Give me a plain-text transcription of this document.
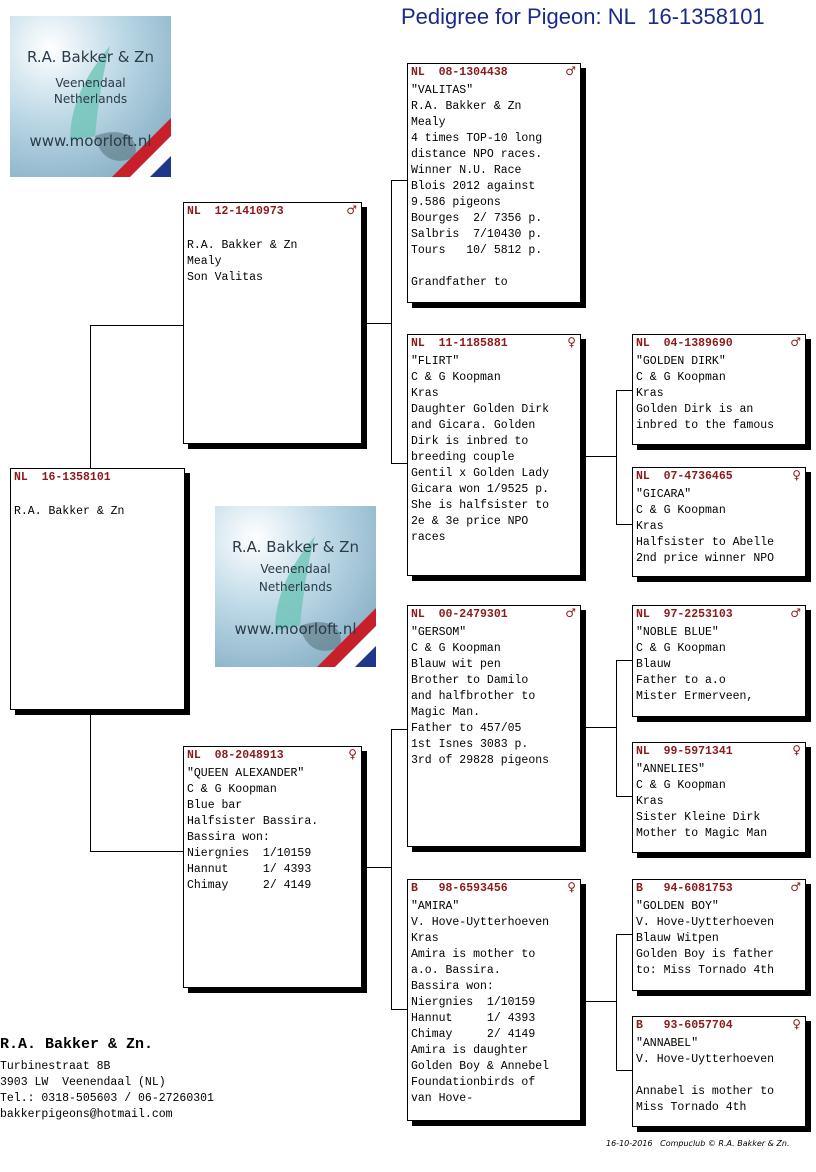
Pedigree for Pigeon: NL  16-1358101
R.A. Bakker & Zn
Veenendaal
Netherlands
www.moorloft.nl
R.A. Bakker & Zn
Veenendaal
Netherlands
www.moorloft.nl
NL  16-1358101

R.A. Bakker & Zn
NL  12-1410973	♂

R.A. Bakker & Zn
Mealy
Son Valitas
NL  08-2048913	♀
"QUEEN ALEXANDER"
C & G Koopman
Blue bar
Halfsister Bassira.
Bassira won:
Niergnies  1/10159
Hannut     1/ 4393
Chimay     2/ 4149
NL  08-1304438	♂
"VALITAS"
R.A. Bakker & Zn
Mealy
4 times TOP-10 long
distance NPO races.
Winner N.U. Race
Blois 2012 against
9.586 pigeons
Bourges  2/ 7356 p.
Salbris  7/10430 p.
Tours   10/ 5812 p.

Grandfather to
NL  11-1185881	♀
"FLIRT"
C & G Koopman
Kras
Daughter Golden Dirk
and Gicara. Golden
Dirk is inbred to
breeding couple
Gentil x Golden Lady
Gicara won 1/9525 p.
She is halfsister to
2e & 3e price NPO
races
NL  00-2479301	♂
"GERSOM"
C & G Koopman
Blauw wit pen
Brother to Damilo
and halfbrother to
Magic Man.
Father to 457/05
1st Isnes 3083 p.
3rd of 29828 pigeons
B   98-6593456	♀
"AMIRA"
V. Hove-Uytterhoeven
Kras
Amira is mother to
a.o. Bassira.
Bassira won:
Niergnies  1/10159
Hannut     1/ 4393
Chimay     2/ 4149
Amira is daughter
Golden Boy & Annebel
Foundationbirds of
van Hove-
NL  04-1389690	♂
"GOLDEN DIRK"
C & G Koopman
Kras
Golden Dirk is an
inbred to the famous
NL  07-4736465	♀
"GICARA"
C & G Koopman
Kras
Halfsister to Abelle
2nd price winner NPO
NL  97-2253103	♂
"NOBLE BLUE"
C & G Koopman
Blauw
Father to a.o
Mister Ermerveen,
NL  99-5971341	♀
"ANNELIES"
C & G Koopman
Kras
Sister Kleine Dirk
Mother to Magic Man
B   94-6081753	♂
"GOLDEN BOY"
V. Hove-Uytterhoeven
Blauw Witpen
Golden Boy is father
to: Miss Tornado 4th
B   93-6057704	♀
"ANNABEL"
V. Hove-Uytterhoeven

Annabel is mother to
Miss Tornado 4th
R.A. Bakker & Zn.
Turbinestraat 8B
3903 LW  Veenendaal (NL)
Tel.: 0318-505603 / 06-27260301
bakkerpigeons@hotmail.com
16-10-2016   Compuclub © R.A. Bakker & Zn.
